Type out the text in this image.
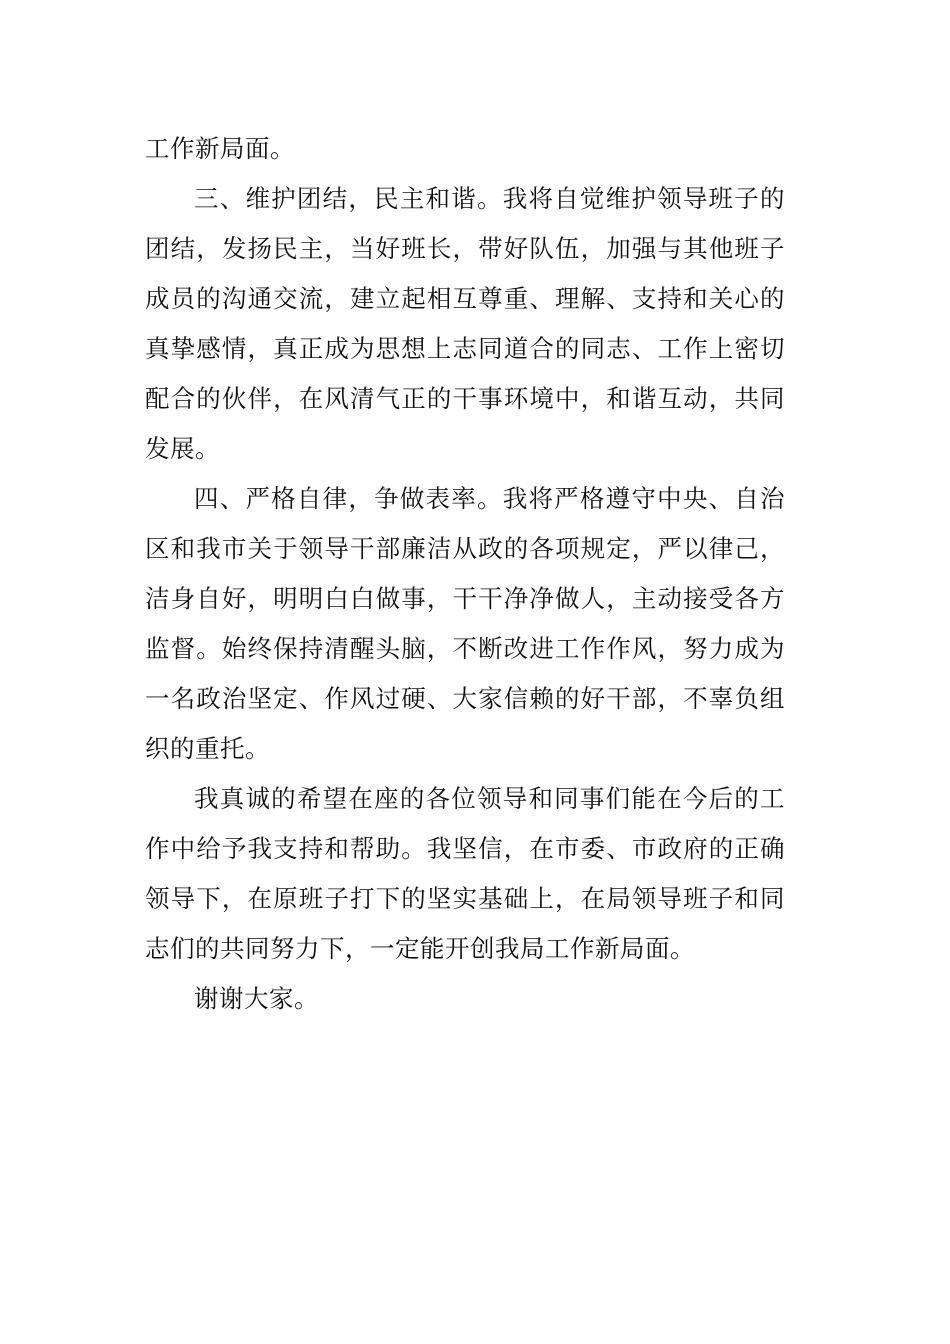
工作新局面。

三、维护团结，民主和谐。我将自觉维护领导班子的团结，发扬民主，当好班长，带好队伍，加强与其他班子成员的沟通交流，建立起相互尊重、理解、支持和关心的真挚感情，真正成为思想上志同道合的同志、工作上密切配合的伙伴，在风清气正的干事环境中，和谐互动，共同发展。

四、严格自律，争做表率。我将严格遵守中央、自治区和我市关于领导干部廉洁从政的各项规定，严以律己，洁身自好，明明白白做事，干干净净做人，主动接受各方监督。始终保持清醒头脑，不断改进工作作风，努力成为一名政治坚定、作风过硬、大家信赖的好干部，不辜负组织的重托。

我真诚的希望在座的各位领导和同事们能在今后的工作中给予我支持和帮助。我坚信，在市委、市政府的正确领导下，在原班子打下的坚实基础上，在局领导班子和同志们的共同努力下，一定能开创我局工作新局面。

谢谢大家。
